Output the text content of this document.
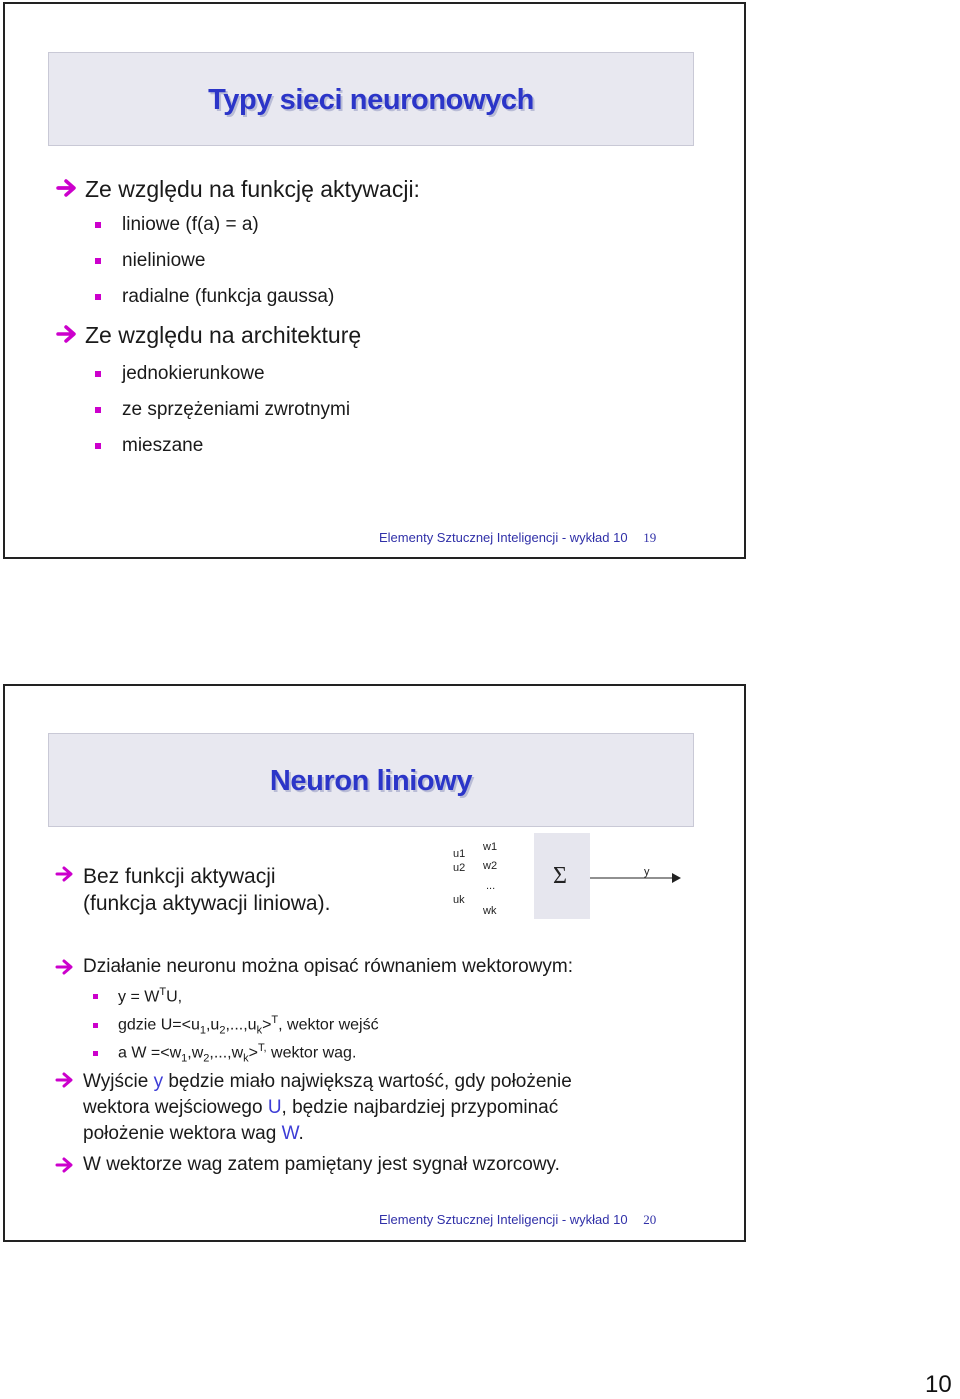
Typy sieci neuronowych
Ze względu na funkcję aktywacji:
liniowe (f(a) = a)
nieliniowe
radialne (funkcja gaussa)
Ze względu na architekturę
jednokierunkowe
ze sprzężeniami zwrotnymi
mieszane
Elementy Sztucznej Inteligencji - wykład 10 19
Neuron liniowy
Bez funkcji aktywacji
(funkcja aktywacji liniowa).
u1
u2
uk
w1
w2
...
wk
Σ	y
Działanie neuronu można opisać równaniem wektorowym:
$y = W^TU$,
gdzie $U=<u_1,u_2,...,u_k>^T$, wektor wejść
a $W =<w_1,w_2,...,w_k>^{T,}$ wektor wag.
Wyjście y będzie miało największą wartość, gdy położenie
wektora wejściowego U, będzie najbardziej przypominać
położenie wektora wag W.
W wektorze wag zatem pamiętany jest sygnał wzorcowy.
Elementy Sztucznej Inteligencji - wykład 10 20
10
